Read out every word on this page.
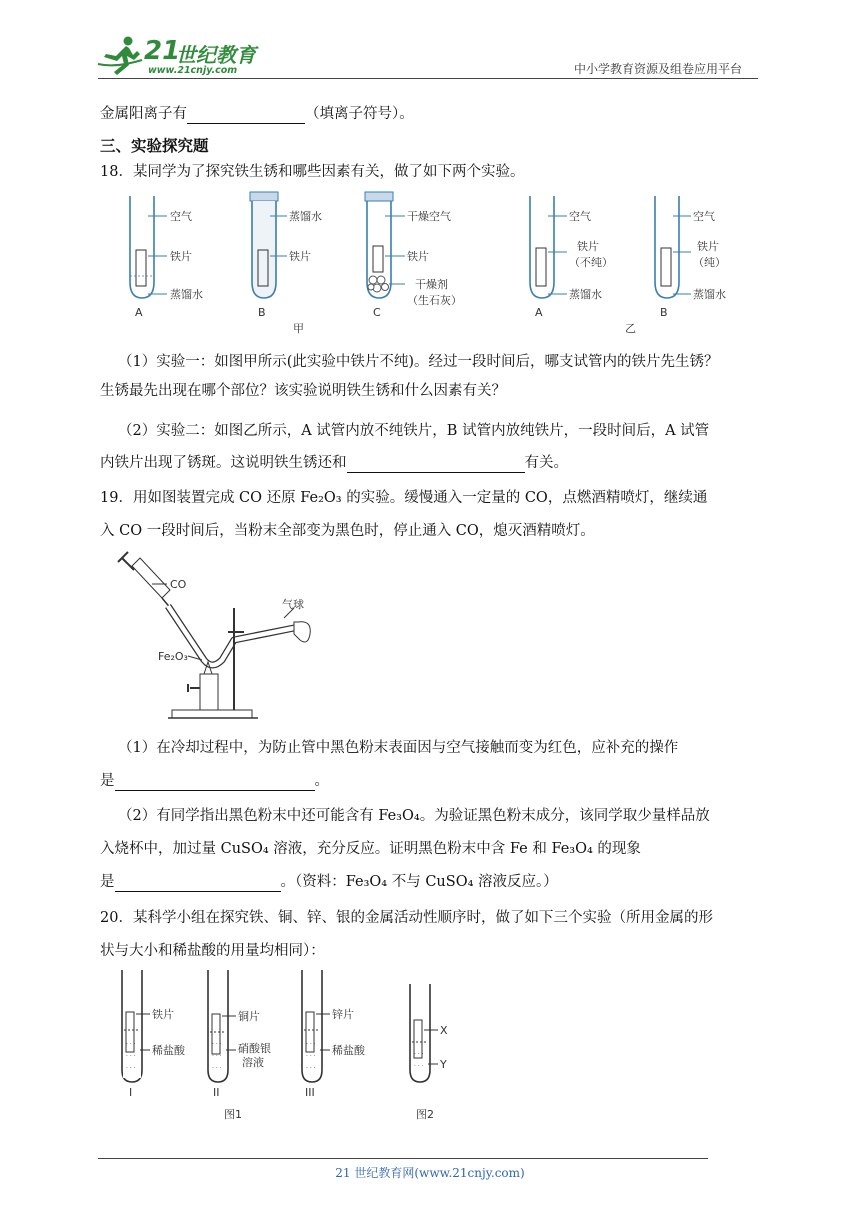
21
世纪教育
www.21cnjy.com	中小学教育资源及组卷应用平台
金属阳离子有	（填离子符号）。
三、实验探究题
18．某同学为了探究铁生锈和哪些因素有关，做了如下两个实验。
空气
铁片
蒸馏水
A
蒸馏水
铁片
B
干燥空气
铁片
干燥剂
（生石灰）
C
甲
空气
铁片
（不纯）
蒸馏水
A
空气
铁片
（纯）
蒸馏水
B
乙
（1）实验一：如图甲所示(此实验中铁片不纯)。经过一段时间后，哪支试管内的铁片先生锈？
生锈最先出现在哪个部位？该实验说明铁生锈和什么因素有关？
（2）实验二：如图乙所示，A 试管内放不纯铁片，B 试管内放纯铁片，一段时间后，A 试管
内铁片出现了锈斑。这说明铁生锈还和	有关。
19．用如图装置完成 CO 还原 Fe₂O₃ 的实验。缓慢通入一定量的 CO，点燃酒精喷灯，继续通
入 CO 一段时间后，当粉末全部变为黑色时，停止通入 CO，熄灭酒精喷灯。
CO
气球
Fe₂O₃
（1）在冷却过程中，为防止管中黑色粉末表面因与空气接触而变为红色，应补充的操作
是	。
（2）有同学指出黑色粉末中还可能含有 Fe₃O₄。为验证黑色粉末成分，该同学取少量样品放
入烧杯中，加过量 CuSO₄ 溶液，充分反应。证明黑色粉末中含 Fe 和 Fe₃O₄ 的现象
是	。（资料：Fe₃O₄ 不与 CuSO₄ 溶液反应。）
20．某科学小组在探究铁、铜、锌、银的金属活动性顺序时，做了如下三个实验（所用金属的形
状与大小和稀盐酸的用量均相同）：
· · ·
· · ·
· · ·
铁片
稀盐酸
I
· · ·
· · ·
· · ·
铜片
硝酸银
溶液
II
· · ·
· · ·
· · ·
锌片
稀盐酸
III
· · ·
· · ·
X
Y
图1	图2
21 世纪教育网(www.21cnjy.com)
